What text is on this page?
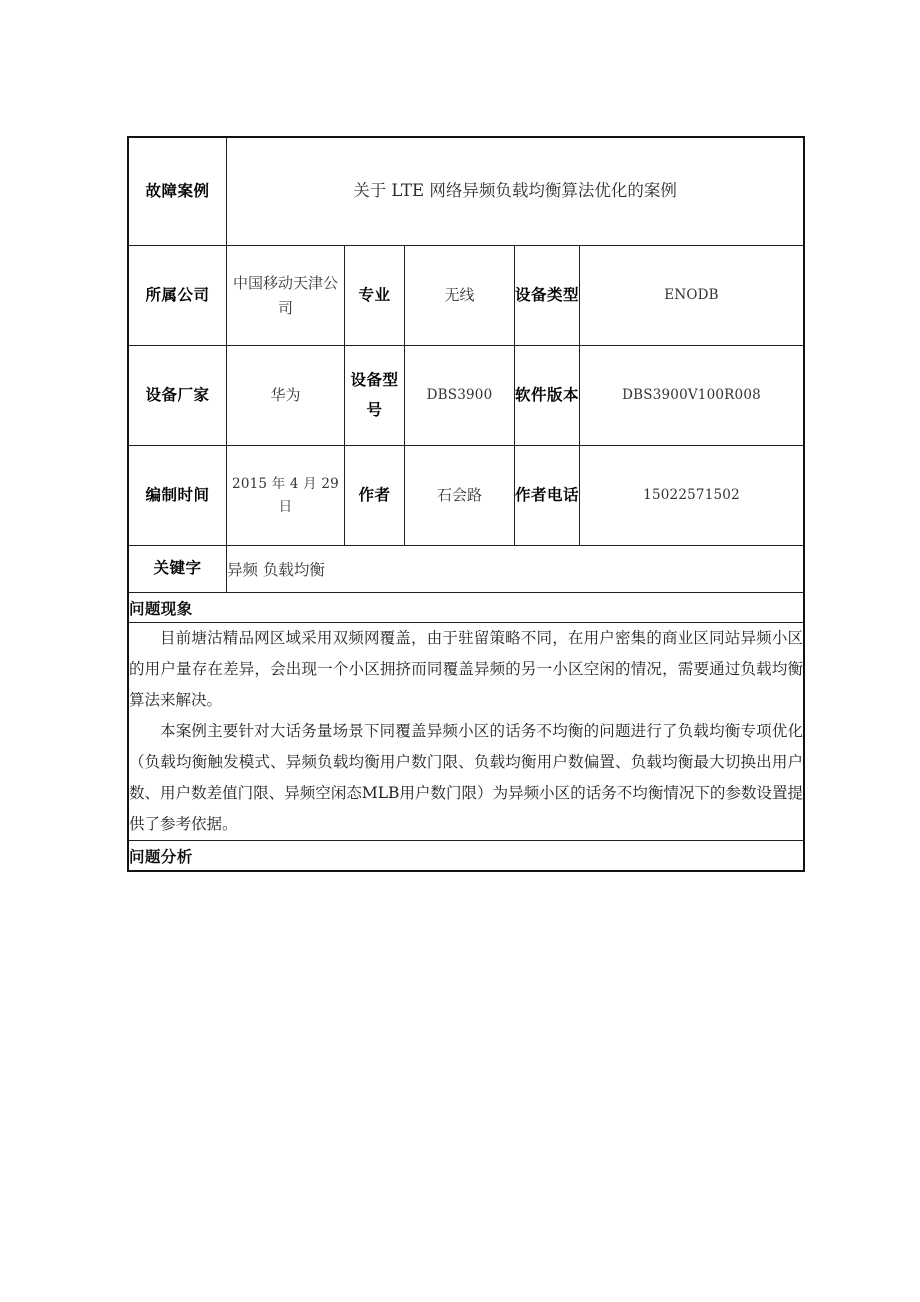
故障案例	关于 LTE 网络异频负载均衡算法优化的案例				
所属公司	中国移动天津公司	专业	无线	设备类型	ENODB
设备厂家	华为	设备型号	DBS3900	软件版本	DBS3900V100R008
编制时间	2015 年 4 月 29 日	作者	石会路	作者电话	15022571502
关键字	异频 负载均衡				
问题现象					

目前塘沽精品网区域采用双频网覆盖，由于驻留策略不同，在用户密集的商业区同站异频小区的用户量存在差异，会出现一个小区拥挤而同覆盖异频的另一小区空闲的情况，需要通过负载均衡算法来解决。

本案例主要针对大话务量场景下同覆盖异频小区的话务不均衡的问题进行了负载均衡专项优化（负载均衡触发模式、异频负载均衡用户数门限、负载均衡用户数偏置、负载均衡最大切换出用户数、用户数差值门限、异频空闲态MLB用户数门限）为异频小区的话务不均衡情况下的参数设置提供了参考依据。					

问题分析					
